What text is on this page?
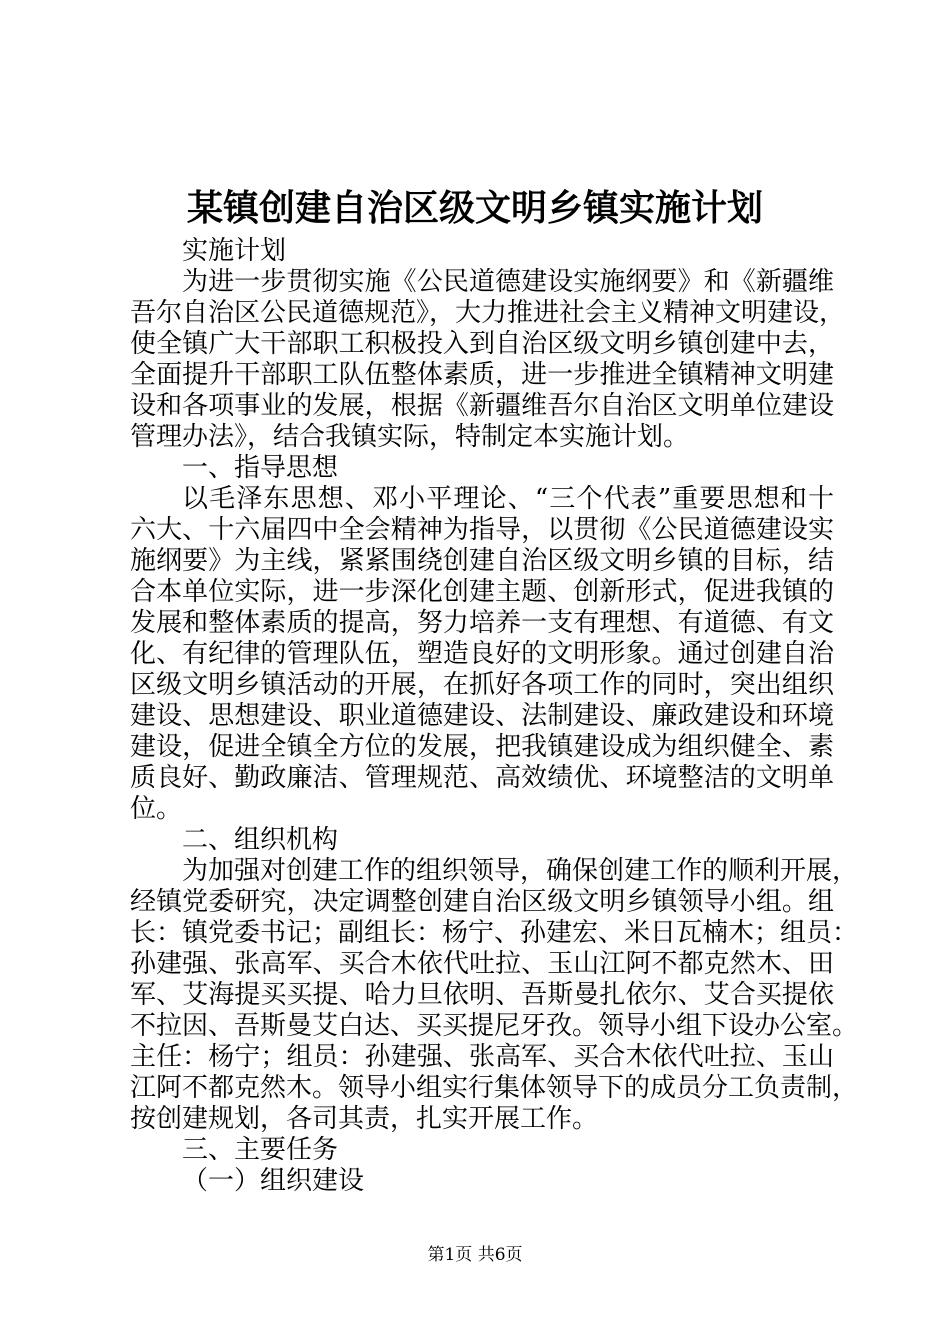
某镇创建自治区级文明乡镇实施计划
实施计划
为进一步贯彻实施《公民道德建设实施纲要》和《新疆维
吾尔自治区公民道德规范》，大力推进社会主义精神文明建设，
使全镇广大干部职工积极投入到自治区级文明乡镇创建中去，
全面提升干部职工队伍整体素质，进一步推进全镇精神文明建
设和各项事业的发展，根据《新疆维吾尔自治区文明单位建设
管理办法》，结合我镇实际，特制定本实施计划。
一、指导思想
以毛泽东思想、邓小平理论、“三个代表”重要思想和十
六大、十六届四中全会精神为指导，以贯彻《公民道德建设实
施纲要》为主线，紧紧围绕创建自治区级文明乡镇的目标，结
合本单位实际，进一步深化创建主题、创新形式，促进我镇的
发展和整体素质的提高，努力培养一支有理想、有道德、有文
化、有纪律的管理队伍，塑造良好的文明形象。通过创建自治
区级文明乡镇活动的开展，在抓好各项工作的同时，突出组织
建设、思想建设、职业道德建设、法制建设、廉政建设和环境
建设，促进全镇全方位的发展，把我镇建设成为组织健全、素
质良好、勤政廉洁、管理规范、高效绩优、环境整洁的文明单
位。
二、组织机构
为加强对创建工作的组织领导，确保创建工作的顺利开展，
经镇党委研究，决定调整创建自治区级文明乡镇领导小组。组
长：镇党委书记；副组长：杨宁、孙建宏、米日瓦楠木；组员：
孙建强、张高军、买合木依代吐拉、玉山江阿不都克然木、田
军、艾海提买买提、哈力旦依明、吾斯曼扎依尔、艾合买提依
不拉因、吾斯曼艾白达、买买提尼牙孜。领导小组下设办公室。
主任：杨宁；组员：孙建强、张高军、买合木依代吐拉、玉山
江阿不都克然木。领导小组实行集体领导下的成员分工负责制，
按创建规划，各司其责，扎实开展工作。
三、主要任务
（一）组织建设
第1页 共6页
